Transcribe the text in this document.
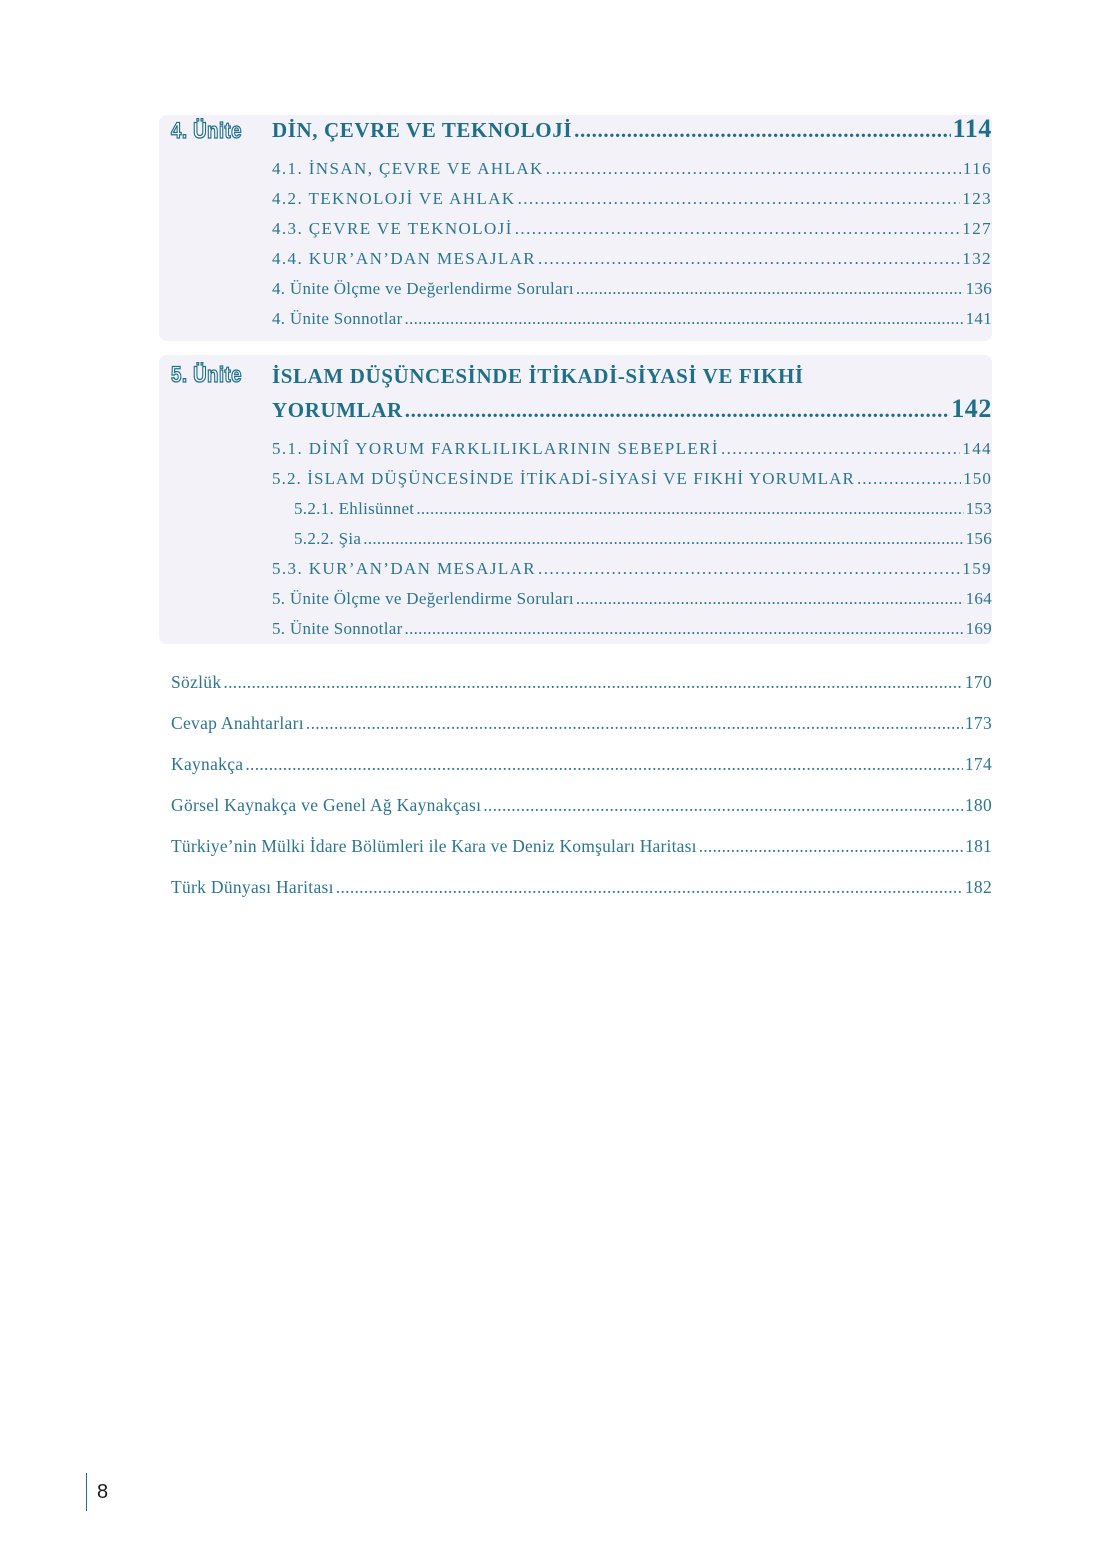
4. Ünite DİN, ÇEVRE VE TEKNOLOJİ .....	114
4.1. İNSAN, ÇEVRE VE AHLAK .....	116
4.2. TEKNOLOJİ VE AHLAK .....	123
4.3. ÇEVRE VE TEKNOLOJİ .....	127
4.4. KUR’AN’DAN MESAJLAR .....	132
4. Ünite Ölçme ve Değerlendirme Soruları .....	136
4. Ünite Sonnotlar .....	141
5. Ünite İSLAM DÜŞÜNCESİNDE İTİKADİ-SİYASİ VE FIKHİ
YORUMLAR .....	142
5.1. DİNÎ YORUM FARKLILIKLARININ SEBEPLERİ .....	144
5.2. İSLAM DÜŞÜNCESİNDE İTİKADİ-SİYASİ VE FIKHİ YORUMLAR .....	150
5.2.1. Ehlisünnet .....	153
5.2.2. Şia .....	156
5.3. KUR’AN’DAN MESAJLAR .....	159
5. Ünite Ölçme ve Değerlendirme Soruları .....	164
5. Ünite Sonnotlar .....	169
Sözlük .....	170
Cevap Anahtarları .....	173
Kaynakça .....	174
Görsel Kaynakça ve Genel Ağ Kaynakçası .....	180
Türkiye’nin Mülki İdare Bölümleri ile Kara ve Deniz Komşuları Haritası .....	181
Türk Dünyası Haritası .....	182
8
